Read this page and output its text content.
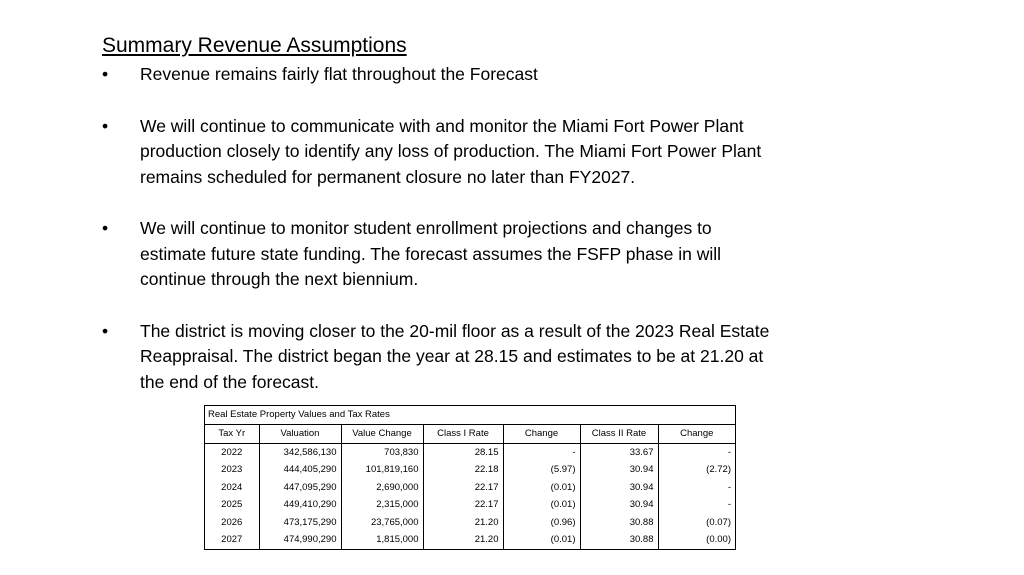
Summary Revenue Assumptions
•	Revenue remains fairly flat throughout the Forecast
•	We will continue to communicate with and monitor the Miami Fort Power Plant
production closely to identify any loss of production. The Miami Fort Power Plant
remains scheduled for permanent closure no later than FY2027.
•	We will continue to monitor student enrollment projections and changes to
estimate future state funding. The forecast assumes the FSFP phase in will
continue through the next biennium.
•	The district is moving closer to the 20-mil floor as a result of the 2023 Real Estate
Reappraisal. The district began the year at 28.15 and estimates to be at 21.20 at
the end of the forecast.
Real Estate Property Values and Tax Rates
Tax Yr	Valuation	Value Change	Class I Rate	Change	Class II Rate	Change
2022	342,586,130	703,830	28.15	-	33.67	-
2023	444,405,290	101,819,160	22.18	(5.97)	30.94	(2.72)
2024	447,095,290	2,690,000	22.17	(0.01)	30.94	-
2025	449,410,290	2,315,000	22.17	(0.01)	30.94	-
2026	473,175,290	23,765,000	21.20	(0.96)	30.88	(0.07)
2027	474,990,290	1,815,000	21.20	(0.01)	30.88	(0.00)
